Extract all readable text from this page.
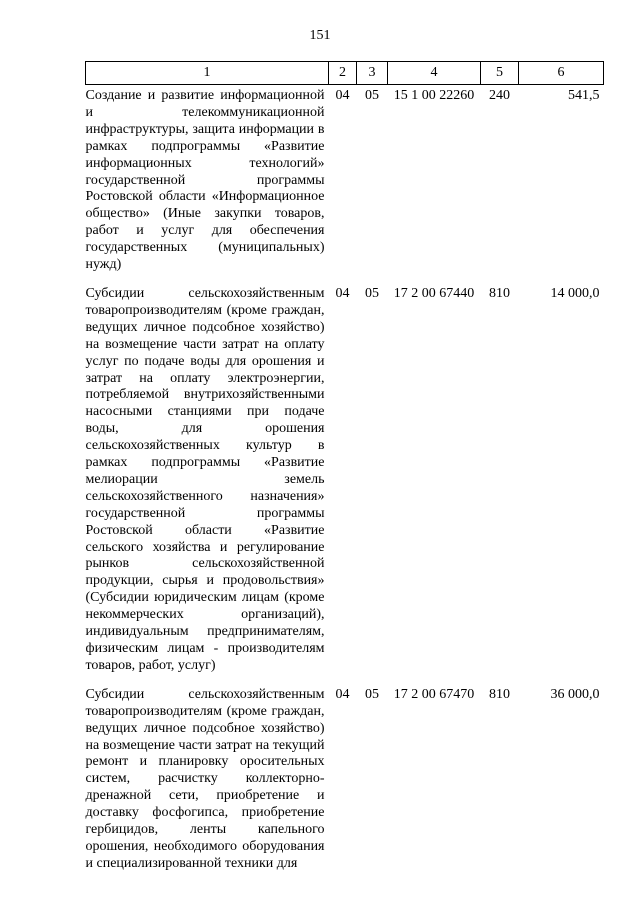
151
1	2	3	4	5	6
Создание и развитие информационной и телекоммуникационной инфраструктуры, защита информации в рамках подпрограммы «Развитие информационных технологий» государственной программы Ростовской области «Информационное общество» (Иные закупки товаров, работ и услуг для обеспечения государственных (муниципальных) нужд)	04	05	15 1 00 22260	240	541,5
Субсидии сельскохозяйственным товаропроизводителям (кроме граждан, ведущих личное подсобное хозяйство) на возмещение части затрат на оплату услуг по подаче воды для орошения и затрат на оплату электроэнергии, потребляемой внутрихозяйственными насосными станциями при подаче воды, для орошения сельскохозяйственных культур в рамках подпрограммы «Развитие мелиорации земель сельскохозяйственного назначения» государственной программы Ростовской области «Развитие сельского хозяйства и регулирование рынков сельскохозяйственной продукции, сырья и продовольствия» (Субсидии юридическим лицам (кроме некоммерческих организаций), индивидуальным предпринимателям, физическим лицам - производителям товаров, работ, услуг)	04	05	17 2 00 67440	810	14 000,0
Субсидии сельскохозяйственным товаропроизводителям (кроме граждан, ведущих личное подсобное хозяйство) на возмещение части затрат на текущий ремонт и планировку оросительных систем, расчистку коллекторно-дренажной сети, приобретение и доставку фосфогипса, приобретение гербицидов, ленты капельного орошения, необходимого оборудования и специализированной техники для	04	05	17 2 00 67470	810	36 000,0
